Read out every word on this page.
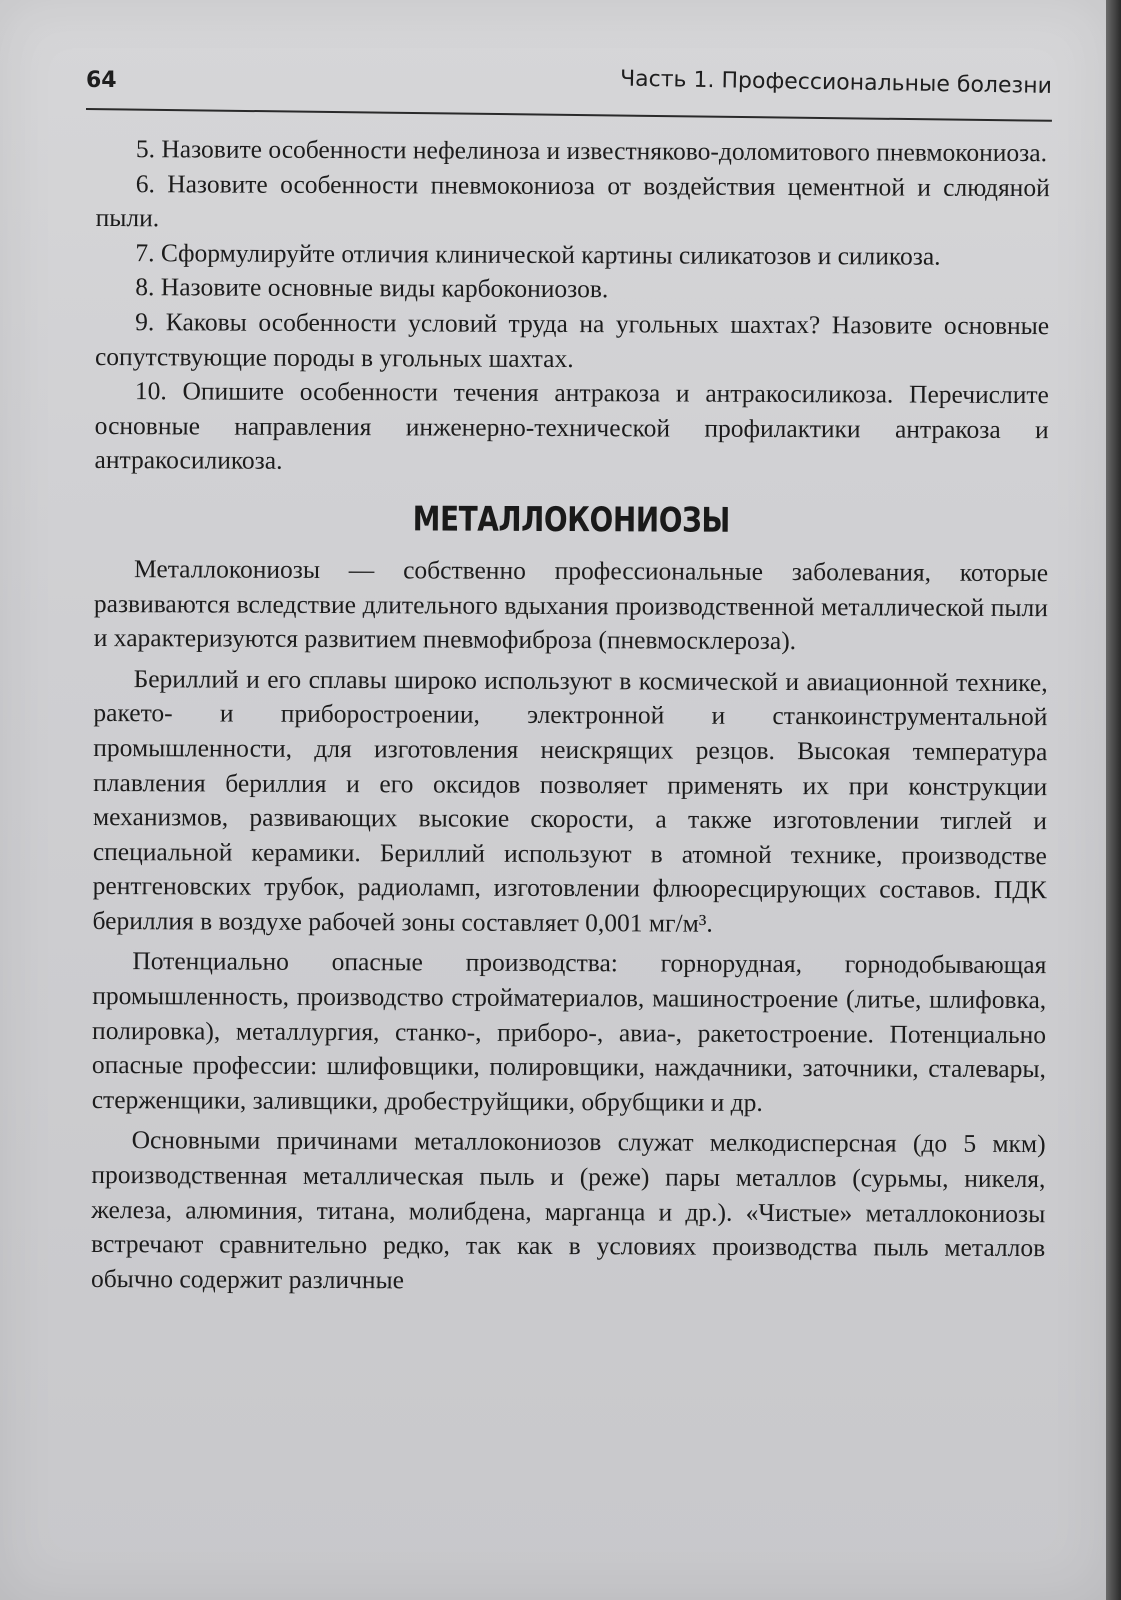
64	Часть 1. Профессиональные болезни

5. Назовите особенности нефелиноза и известняково-доломитового пневмокониоза.

6. Назовите особенности пневмокониоза от воздействия цементной и слюдяной пыли.

7. Сформулируйте отличия клинической картины силикатозов и силикоза.

8. Назовите основные виды карбокониозов.

9. Каковы особенности условий труда на угольных шахтах? Назовите основные сопутствующие породы в угольных шахтах.

10. Опишите особенности течения антракоза и антракосиликоза. Перечислите основные направления инженерно-технической профилактики антракоза и антракосиликоза.

МЕТАЛЛОКОНИОЗЫ

Металлокониозы — собственно профессиональные заболевания, которые развиваются вследствие длительного вдыхания производственной металлической пыли и характеризуются развитием пневмофиброза (пневмосклероза).

Бериллий и его сплавы широко используют в космической и авиационной технике, ракето- и приборостроении, электронной и станкоинструментальной промышленности, для изготовления неискрящих резцов. Высокая температура плавления бериллия и его оксидов позволяет применять их при конструкции механизмов, развивающих высокие скорости, а также изготовлении тиглей и специальной керамики. Бериллий используют в атомной технике, производстве рентгеновских трубок, радиоламп, изготовлении флюоресцирующих составов. ПДК бериллия в воздухе рабочей зоны составляет 0,001 мг/м³.

Потенциально опасные производства: горнорудная, горнодобывающая промышленность, производство стройматериалов, машиностроение (литье, шлифовка, полировка), металлургия, станко-, приборо-, авиа-, ракетостроение. Потенциально опасные профессии: шлифовщики, полировщики, наждачники, заточники, сталевары, стерженщики, заливщики, дробеструйщики, обрубщики и др.

Основными причинами металлокониозов служат мелкодисперсная (до 5 мкм) производственная металлическая пыль и (реже) пары металлов (сурьмы, никеля, железа, алюминия, титана, молибдена, марганца и др.). «Чистые» металлокониозы встречают сравнительно редко, так как в условиях производства пыль металлов обычно содержит различные
